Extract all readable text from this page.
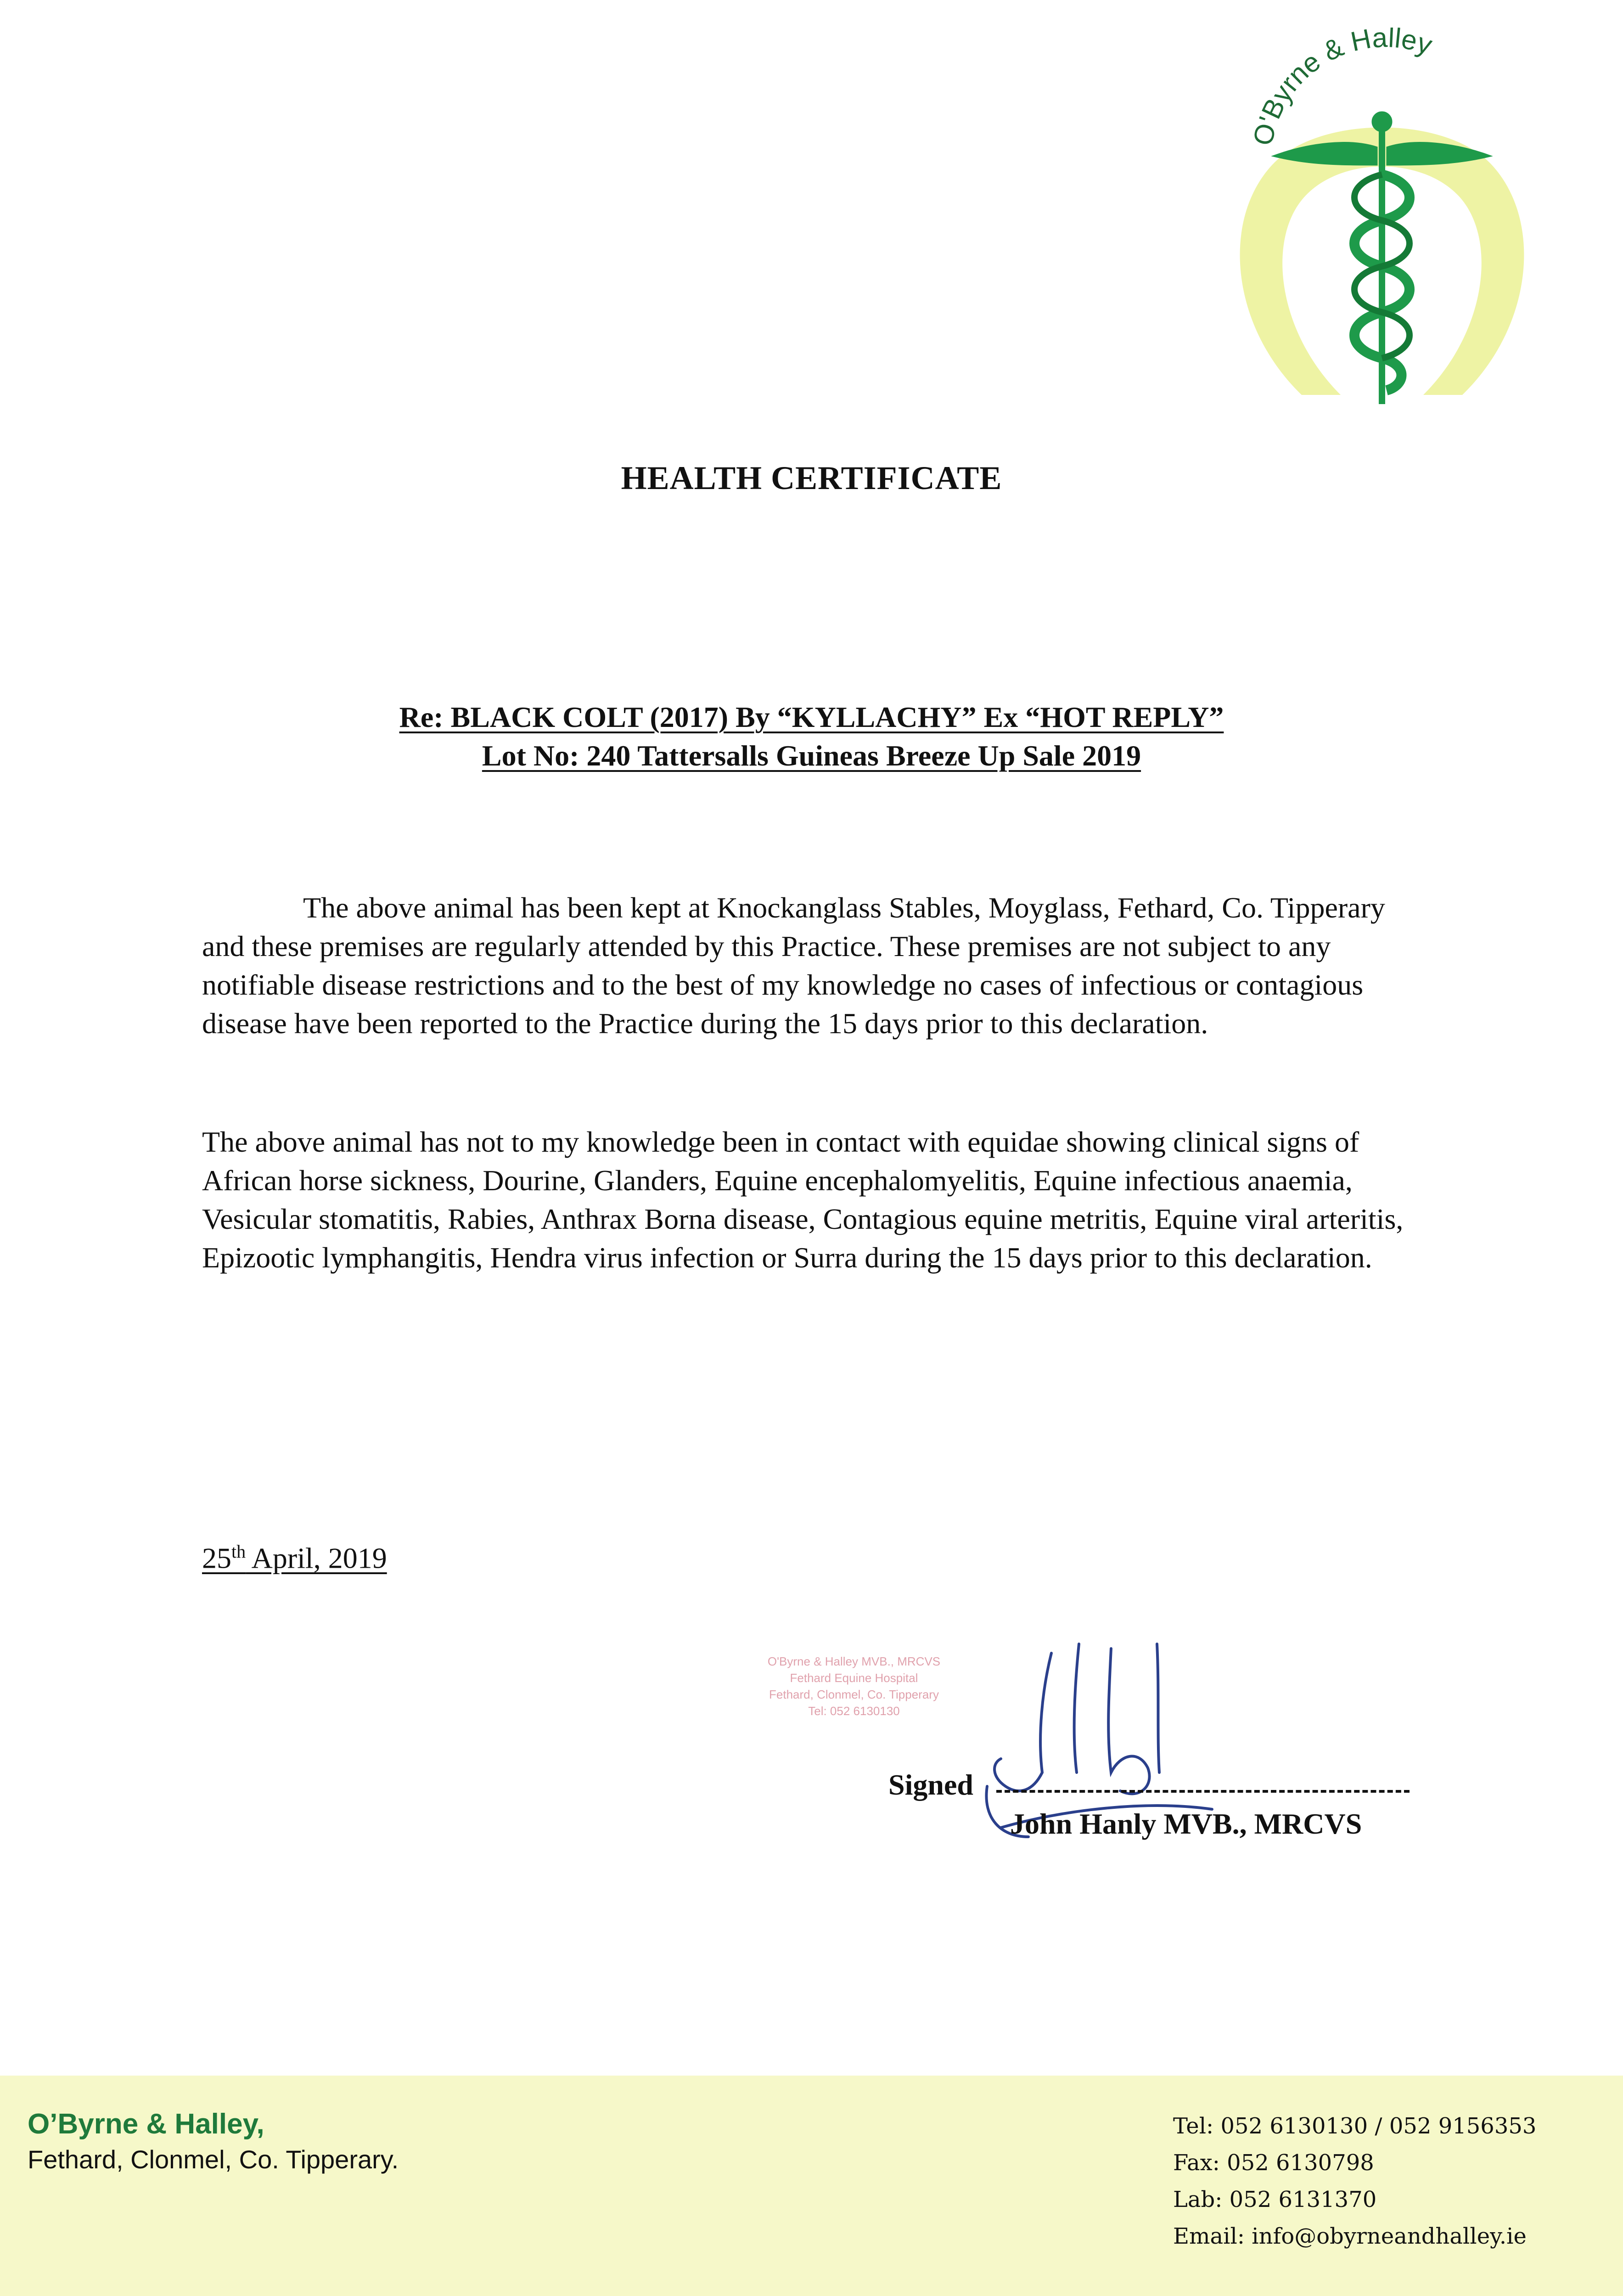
O'Byrne & Halley
HEALTH CERTIFICATE
Re: BLACK COLT (2017) By “KYLLACHY” Ex “HOT REPLY”
Lot No: 240 Tattersalls Guineas Breeze Up Sale 2019

The above animal has been kept at Knockanglass Stables, Moyglass, Fethard, Co. Tipperary and these premises are regularly attended by this Practice. These premises are not subject to any notifiable disease restrictions and to the best of my knowledge no cases of infectious or contagious disease have been reported to the Practice during the 15 days prior to this declaration.

The above animal has not to my knowledge been in contact with equidae showing clinical signs of African horse sickness, Dourine, Glanders, Equine encephalomyelitis, Equine infectious anaemia, Vesicular stomatitis, Rabies, Anthrax Borna disease, Contagious equine metritis, Equine viral arteritis, Epizootic lymphangitis, Hendra virus infection or Surra during the 15 days prior to this declaration.

25th April, 2019
O'Byrne & Halley MVB., MRCVS
Fethard Equine Hospital
Fethard, Clonmel, Co. Tipperary
Tel: 052 6130130
Signed
John Hanly MVB., MRCVS
O’Byrne & Halley,
Fethard, Clonmel, Co. Tipperary.
Tel: 052 6130130 / 052 9156353
Fax: 052 6130798
Lab: 052 6131370
Email: info@obyrneandhalley.ie
